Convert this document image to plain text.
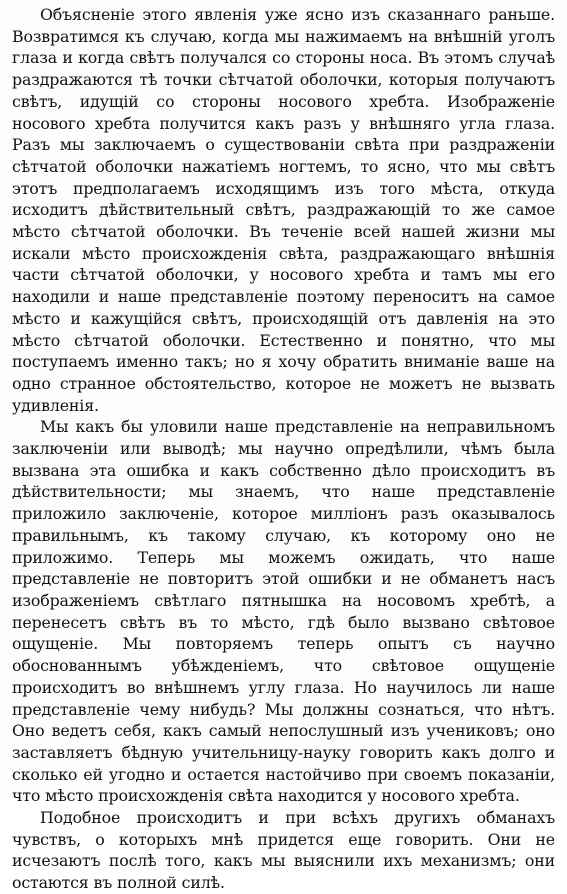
Объясненіе этого явленія уже ясно изъ сказаннаго раньше. Возвратимся къ случаю, когда мы нажимаемъ на внѣшній уголъ глаза и когда свѣтъ получался со стороны носа. Въ этомъ случаѣ раздражаются тѣ точки сѣтчатой оболочки, которыя получаютъ свѣтъ, идущій со стороны носового хребта. Изображеніе носового хребта получится какъ разъ у внѣшняго угла глаза. Разъ мы заключаемъ о существованіи свѣта при раздраженіи сѣтчатой оболочки нажатіемъ ногтемъ, то ясно, что мы свѣтъ этотъ предполагаемъ исходящимъ изъ того мѣста, откуда исходитъ дѣйствительный свѣтъ, раздражающій то же самое мѣсто сѣтчатой оболочки. Въ теченіе всей нашей жизни мы искали мѣсто происхожденія свѣта, раздражающаго внѣшнія части сѣтчатой оболочки, у носового хребта и тамъ мы его находили и наше представленіе поэтому переноситъ на самое мѣсто и кажущійся свѣтъ, происходящій отъ давленія на это мѣсто сѣтчатой оболочки. Естественно и понятно, что мы поступаемъ именно такъ; но я хочу обратить вниманіе ваше на одно странное обстоятельство, которое не можетъ не вызвать удивленія.

Мы какъ бы уловили наше представленіе на неправильномъ заключеніи или выводѣ; мы научно опредѣлили, чѣмъ была вызвана эта ошибка и какъ собственно дѣло происходитъ въ дѣйствительности; мы знаемъ, что наше представленіе приложило заключеніе, которое милліонъ разъ оказывалось правильнымъ, къ такому случаю, къ которому оно не приложимо. Теперь мы можемъ ожидать, что наше представленіе не повторитъ этой ошибки и не обманетъ насъ изображеніемъ свѣтлаго пятнышка на носовомъ хребтѣ, а перенесетъ свѣтъ въ то мѣсто, гдѣ было вызвано свѣтовое ощущеніе. Мы повторяемъ теперь опытъ съ научно обоснованнымъ убѣжденіемъ, что свѣтовое ощущеніе происходитъ во внѣшнемъ углу глаза. Но научилось ли наше представленіе чему нибудь? Мы должны сознаться, что нѣтъ. Оно ведетъ себя, какъ самый непослушный изъ учениковъ; оно заставляетъ бѣдную учительницу-науку говорить какъ долго и сколько ей угодно и остается настойчиво при своемъ показаніи, что мѣсто происхожденія свѣта находится у носового хребта.

Подобное происходитъ и при всѣхъ другихъ обманахъ чувствъ, о которыхъ мнѣ придется еще говорить. Они не исчезаютъ послѣ того, какъ мы выяснили ихъ механизмъ; они остаются въ полной силѣ.
